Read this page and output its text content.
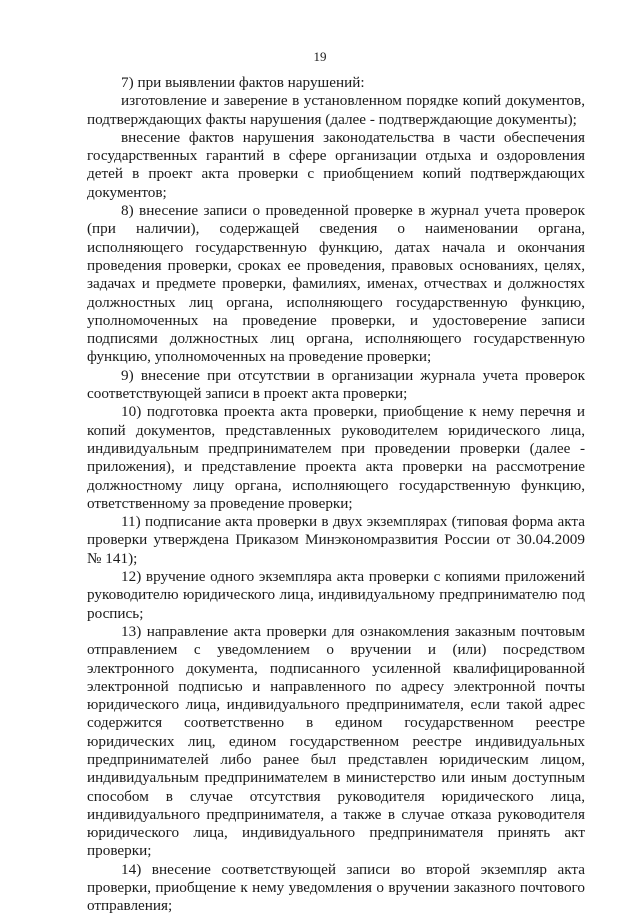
19

7) при выявлении фактов нарушений:

изготовление и заверение в установленном порядке копий документов, подтверждающих факты нарушения (далее - подтверждающие документы);

внесение фактов нарушения законодательства в части обеспечения государственных гарантий в сфере организации отдыха и оздоровления детей в проект акта проверки с приобщением копий подтверждающих документов;

8) внесение записи о проведенной проверке в журнал учета проверок (при наличии), содержащей сведения о наименовании органа, исполняющего государственную функцию, датах начала и окончания проведения проверки, сроках ее проведения, правовых основаниях, целях, задачах и предмете проверки, фамилиях, именах, отчествах и должностях должностных лиц органа, исполняющего государственную функцию, уполномоченных на проведение проверки, и удостоверение записи подписями должностных лиц органа, исполняющего государственную функцию, уполномоченных на проведение проверки;

9) внесение при отсутствии в организации журнала учета проверок соответствующей записи в проект акта проверки;

10) подготовка проекта акта проверки, приобщение к нему перечня и копий документов, представленных руководителем юридического лица, индивидуальным предпринимателем при проведении проверки (далее - приложения), и представление проекта акта проверки на рассмотрение должностному лицу органа, исполняющего государственную функцию, ответственному за проведение проверки;

11) подписание акта проверки в двух экземплярах (типовая форма акта проверки утверждена Приказом Минэкономразвития России от 30.04.2009 № 141);

12) вручение одного экземпляра акта проверки с копиями приложений руководителю юридического лица, индивидуальному предпринимателю под роспись;

13) направление акта проверки для ознакомления заказным почтовым отправлением с уведомлением о вручении и (или) посредством электронного документа, подписанного усиленной квалифицированной электронной подписью и направленного по адресу электронной почты юридического лица, индивидуального предпринимателя, если такой адрес содержится соответственно в едином государственном реестре юридических лиц, едином государственном реестре индивидуальных предпринимателей либо ранее был представлен юридическим лицом, индивидуальным предпринимателем в министерство или иным доступным способом в случае отсутствия руководителя юридического лица, индивидуального предпринимателя, а также в случае отказа руководителя юридического лица, индивидуального предпринимателя принять акт проверки;

14) внесение соответствующей записи во второй экземпляр акта проверки, приобщение к нему уведомления о вручении заказного почтового отправления;
